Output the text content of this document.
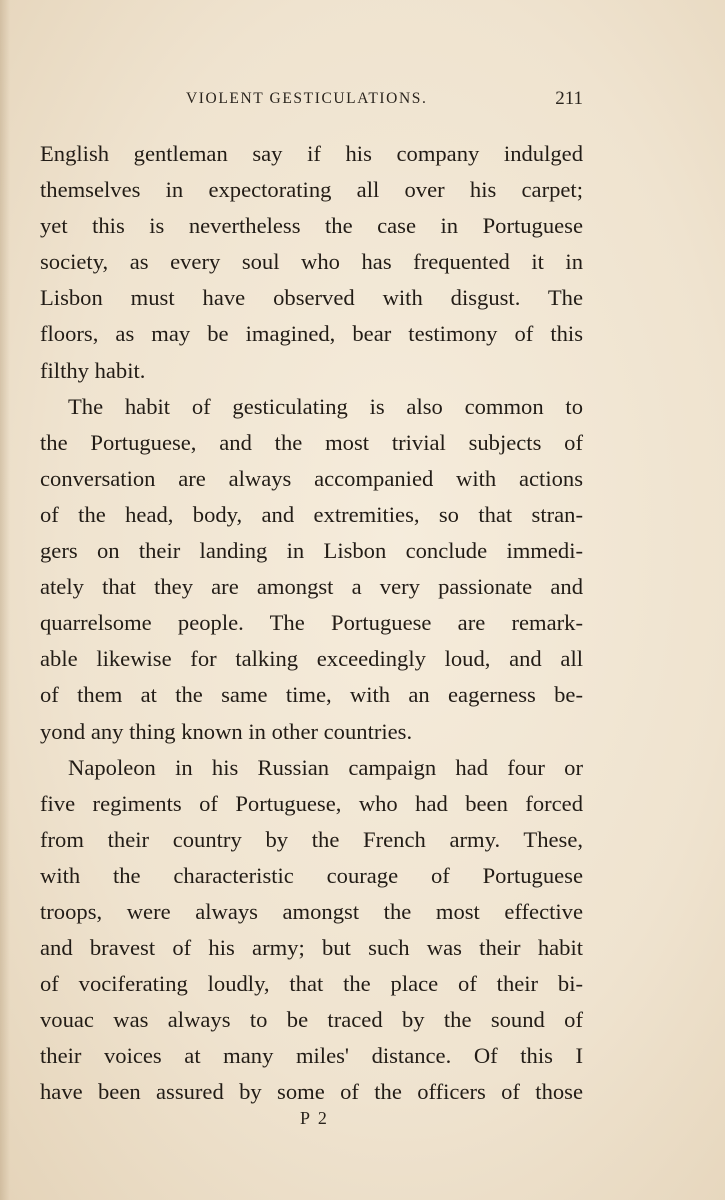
VIOLENT GESTICULATIONS.	211
English gentleman say if his company indulged
themselves in expectorating all over his carpet;
yet this is nevertheless the case in Portuguese
society, as every soul who has frequented it in
Lisbon must have observed with disgust. The
floors, as may be imagined, bear testimony of this
filthy habit.
The habit of gesticulating is also common to
the Portuguese, and the most trivial subjects of
conversation are always accompanied with actions
of the head, body, and extremities, so that stran-
gers on their landing in Lisbon conclude immedi-
ately that they are amongst a very passionate and
quarrelsome people. The Portuguese are remark-
able likewise for talking exceedingly loud, and all
of them at the same time, with an eagerness be-
yond any thing known in other countries.
Napoleon in his Russian campaign had four or
five regiments of Portuguese, who had been forced
from their country by the French army. These,
with the characteristic courage of Portuguese
troops, were always amongst the most effective
and bravest of his army; but such was their habit
of vociferating loudly, that the place of their bi-
vouac was always to be traced by the sound of
their voices at many miles' distance. Of this I
have been assured by some of the officers of those
P 2
